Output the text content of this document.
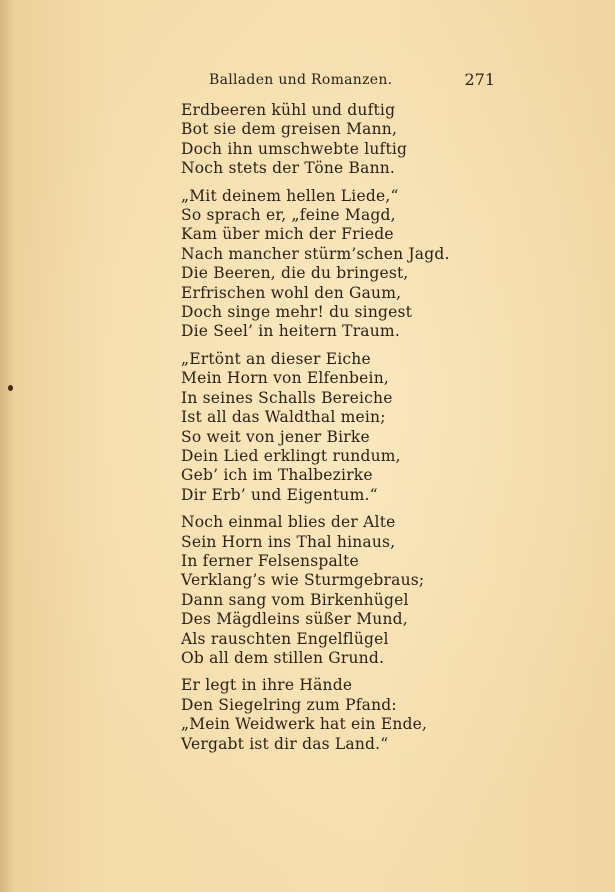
Balladen und Romanzen.	271
Erdbeeren kühl und duftig
Bot sie dem greisen Mann,
Doch ihn umschwebte luftig
Noch stets der Töne Bann.
„Mit deinem hellen Liede,“
So sprach er, „feine Magd,
Kam über mich der Friede
Nach mancher stürm’schen Jagd.
Die Beeren, die du bringest,
Erfrischen wohl den Gaum,
Doch singe mehr! du singest
Die Seel’ in heitern Traum.
„Ertönt an dieser Eiche
Mein Horn von Elfenbein,
In seines Schalls Bereiche
Ist all das Waldthal mein;
So weit von jener Birke
Dein Lied erklingt rundum,
Geb’ ich im Thalbezirke
Dir Erb’ und Eigentum.“
Noch einmal blies der Alte
Sein Horn ins Thal hinaus,
In ferner Felsenspalte
Verklang’s wie Sturmgebraus;
Dann sang vom Birkenhügel
Des Mägdleins süßer Mund,
Als rauschten Engelflügel
Ob all dem stillen Grund.
Er legt in ihre Hände
Den Siegelring zum Pfand:
„Mein Weidwerk hat ein Ende,
Vergabt ist dir das Land.“
